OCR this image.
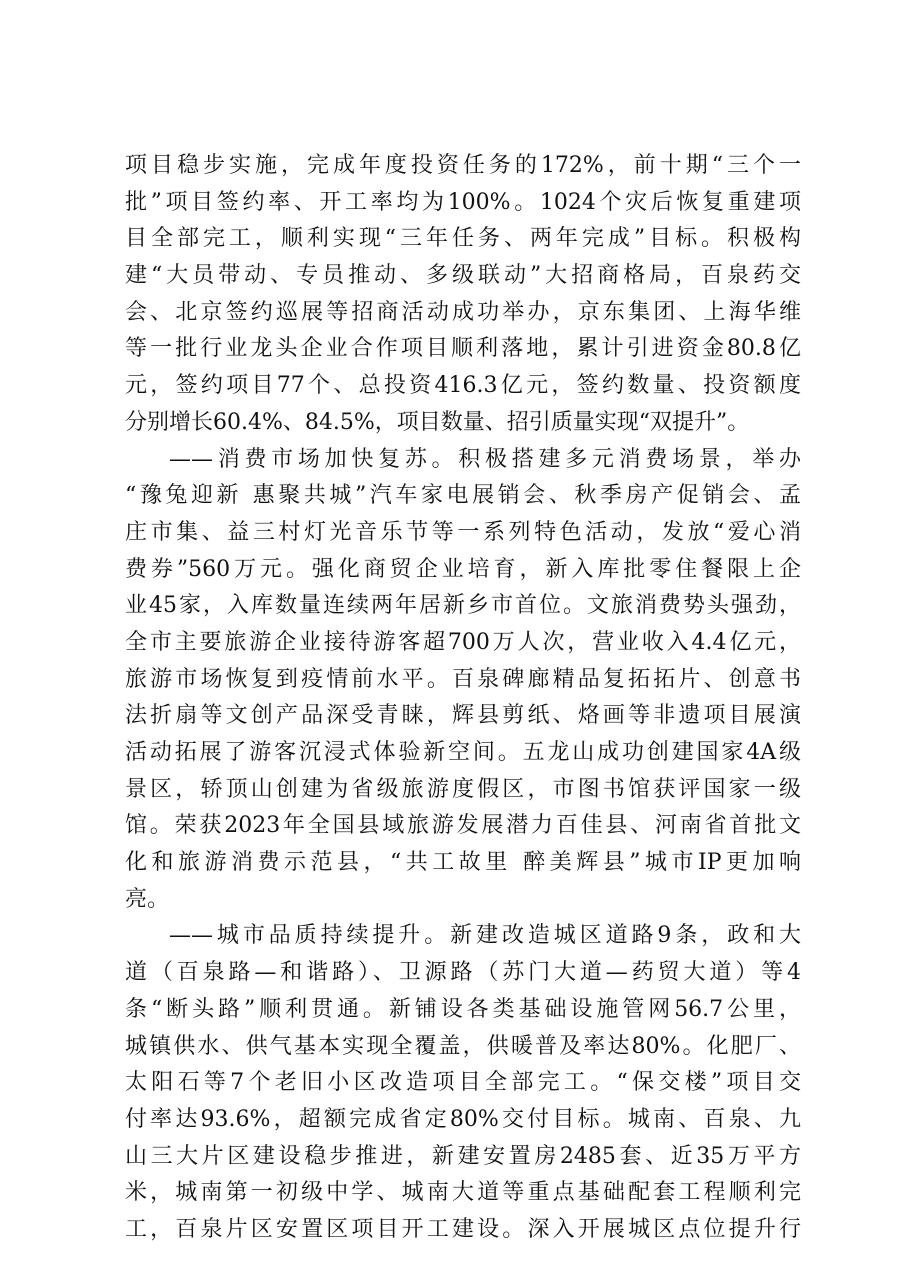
项目稳步实施，完成年度投资任务的172%，前十期“三个一
批”项目签约率、开工率均为100%。1024个灾后恢复重建项
目全部完工，顺利实现“三年任务、两年完成”目标。积极构
建“大员带动、专员推动、多级联动”大招商格局，百泉药交
会、北京签约巡展等招商活动成功举办，京东集团、上海华维
等一批行业龙头企业合作项目顺利落地，累计引进资金80.8亿
元，签约项目77个、总投资416.3亿元，签约数量、投资额度
分别增长60.4%、84.5%，项目数量、招引质量实现“双提升”。
——消费市场加快复苏。积极搭建多元消费场景，举办
“豫兔迎新 惠聚共城”汽车家电展销会、秋季房产促销会、孟
庄市集、益三村灯光音乐节等一系列特色活动，发放“爱心消
费券”560万元。强化商贸企业培育，新入库批零住餐限上企
业45家，入库数量连续两年居新乡市首位。文旅消费势头强劲，
全市主要旅游企业接待游客超700万人次，营业收入4.4亿元，
旅游市场恢复到疫情前水平。百泉碑廊精品复拓拓片、创意书
法折扇等文创产品深受青睐，辉县剪纸、烙画等非遗项目展演
活动拓展了游客沉浸式体验新空间。五龙山成功创建国家4A级
景区，轿顶山创建为省级旅游度假区，市图书馆获评国家一级
馆。荣获2023年全国县域旅游发展潜力百佳县、河南省首批文
化和旅游消费示范县，“共工故里 醉美辉县”城市IP更加响
亮。
——城市品质持续提升。新建改造城区道路9条，政和大
道（百泉路—和谐路）、卫源路（苏门大道—药贸大道）等4
条“断头路”顺利贯通。新铺设各类基础设施管网56.7公里，
城镇供水、供气基本实现全覆盖，供暖普及率达80%。化肥厂、
太阳石等7个老旧小区改造项目全部完工。“保交楼”项目交
付率达93.6%，超额完成省定80%交付目标。城南、百泉、九
山三大片区建设稳步推进，新建安置房2485套、近35万平方
米，城南第一初级中学、城南大道等重点基础配套工程顺利完
工，百泉片区安置区项目开工建设。深入开展城区点位提升行
